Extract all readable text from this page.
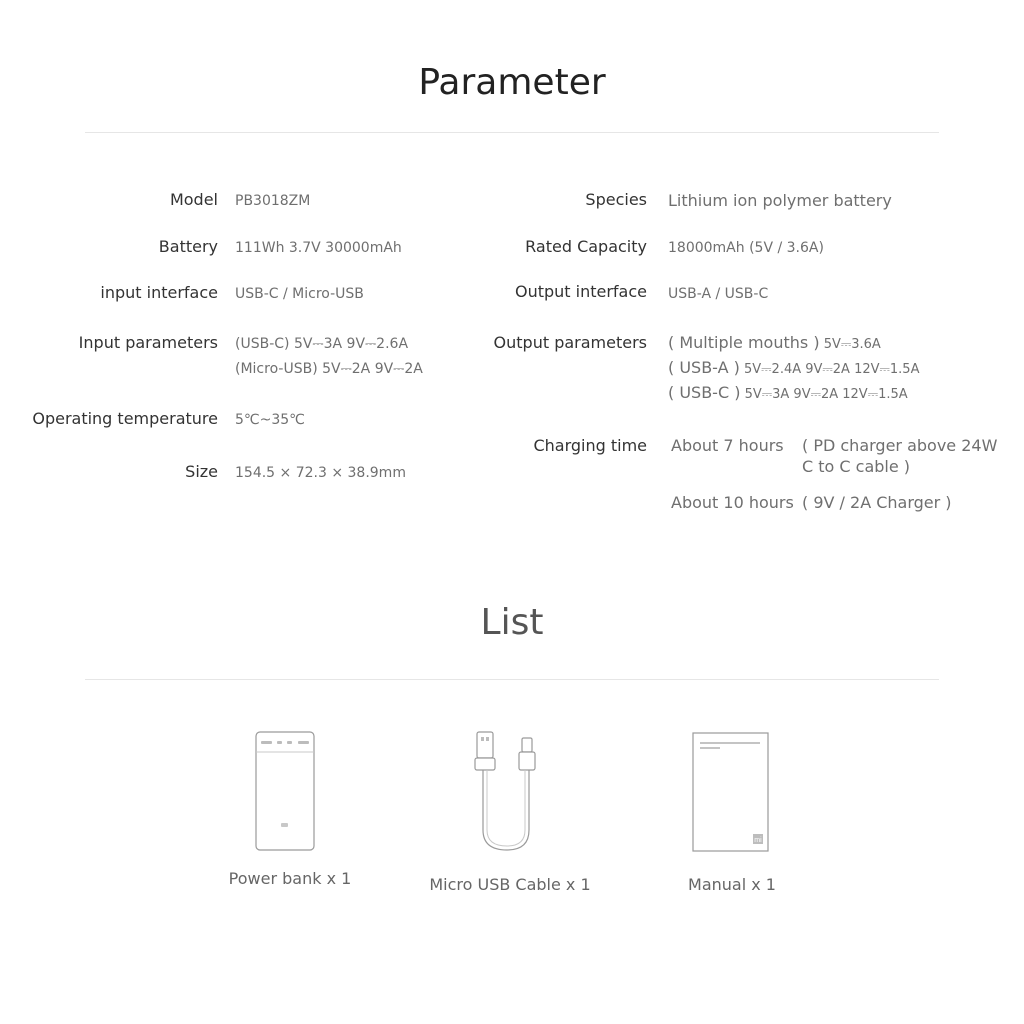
Parameter
Model PB3018ZM
Battery 111Wh 3.7V 30000mAh
input interface USB-C / Micro-USB
Input parameters (USB-C) 5V⎓3A 9V⎓2.6A
(Micro-USB) 5V⎓2A 9V⎓2A
Operating temperature 5℃~35℃
Size 154.5 × 72.3 × 38.9mm
Species Lithium ion polymer battery
Rated Capacity 18000mAh (5V / 3.6A)
Output interface USB-A / USB-C
Output parameters ( Multiple mouths ) 5V⎓3.6A
( USB-A ) 5V⎓2.4A 9V⎓2A 12V⎓1.5A
( USB-C ) 5V⎓3A 9V⎓2A 12V⎓1.5A
Charging time About 7 hours ( PD charger above 24W
C to C cable )
About 10 hours ( 9V / 2A Charger )
List
Power bank x 1	Micro USB Cable x 1
mi
Manual x 1
